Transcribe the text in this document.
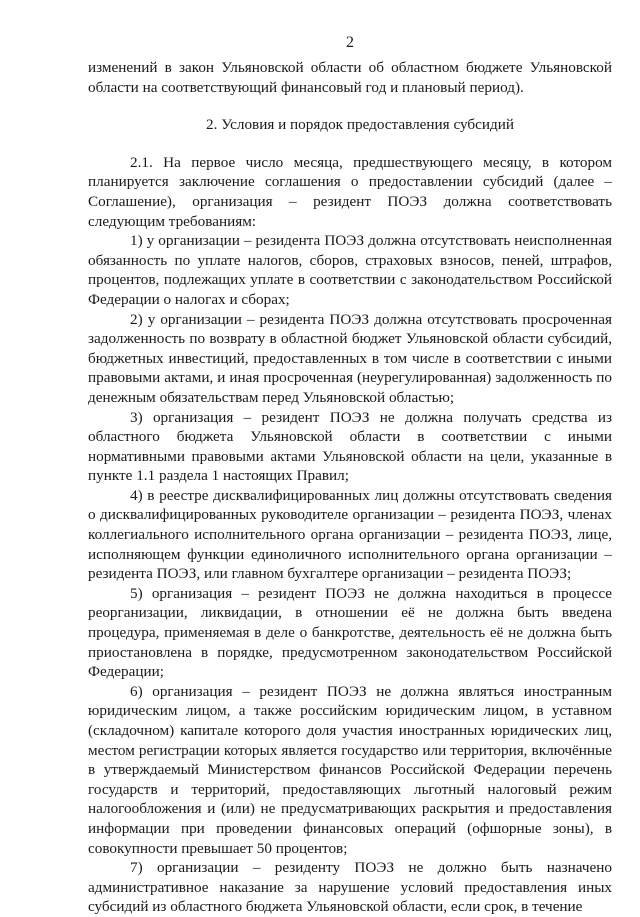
2

изменений в закон Ульяновской области об областном бюджете Ульяновской области на соответствующий финансовый год и плановый период).

2. Условия и порядок предоставления субсидий

2.1. На первое число месяца, предшествующего месяцу, в котором планируется заключение соглашения о предоставлении субсидий (далее – Соглашение), организация – резидент ПОЭЗ должна соответствовать следующим требованиям:

1) у организации – резидента ПОЭЗ должна отсутствовать неисполненная обязанность по уплате налогов, сборов, страховых взносов, пеней, штрафов, процентов, подлежащих уплате в соответствии с законодательством Российской Федерации о налогах и сборах;

2) у организации – резидента ПОЭЗ должна отсутствовать просроченная задолженность по возврату в областной бюджет Ульяновской области субсидий, бюджетных инвестиций, предоставленных в том числе в соответствии с иными правовыми актами, и иная просроченная (неурегулированная) задолженность по денежным обязательствам перед Ульяновской областью;

3) организация – резидент ПОЭЗ не должна получать средства из областного бюджета Ульяновской области в соответствии с иными нормативными правовыми актами Ульяновской области на цели, указанные в пункте 1.1 раздела 1 настоящих Правил;

4) в реестре дисквалифицированных лиц должны отсутствовать сведения о дисквалифицированных руководителе организации – резидента ПОЭЗ, членах коллегиального исполнительного органа организации – резидента ПОЭЗ, лице, исполняющем функции единоличного исполнительного органа организации – резидента ПОЭЗ, или главном бухгалтере организации – резидента ПОЭЗ;

5) организация – резидент ПОЭЗ не должна находиться в процессе реорганизации, ликвидации, в отношении её не должна быть введена процедура, применяемая в деле о банкротстве, деятельность её не должна быть приостановлена в порядке, предусмотренном законодательством Российской Федерации;

6) организация – резидент ПОЭЗ не должна являться иностранным юридическим лицом, а также российским юридическим лицом, в уставном (складочном) капитале которого доля участия иностранных юридических лиц, местом регистрации которых является государство или территория, включённые в утверждаемый Министерством финансов Российской Федерации перечень государств и территорий, предоставляющих льготный налоговый режим налогообложения и (или) не предусматривающих раскрытия и предоставления информации при проведении финансовых операций (офшорные зоны), в совокупности превышает 50 процентов;

7) организации – резиденту ПОЭЗ не должно быть назначено административное наказание за нарушение условий предоставления иных субсидий из областного бюджета Ульяновской области, если срок, в течение
